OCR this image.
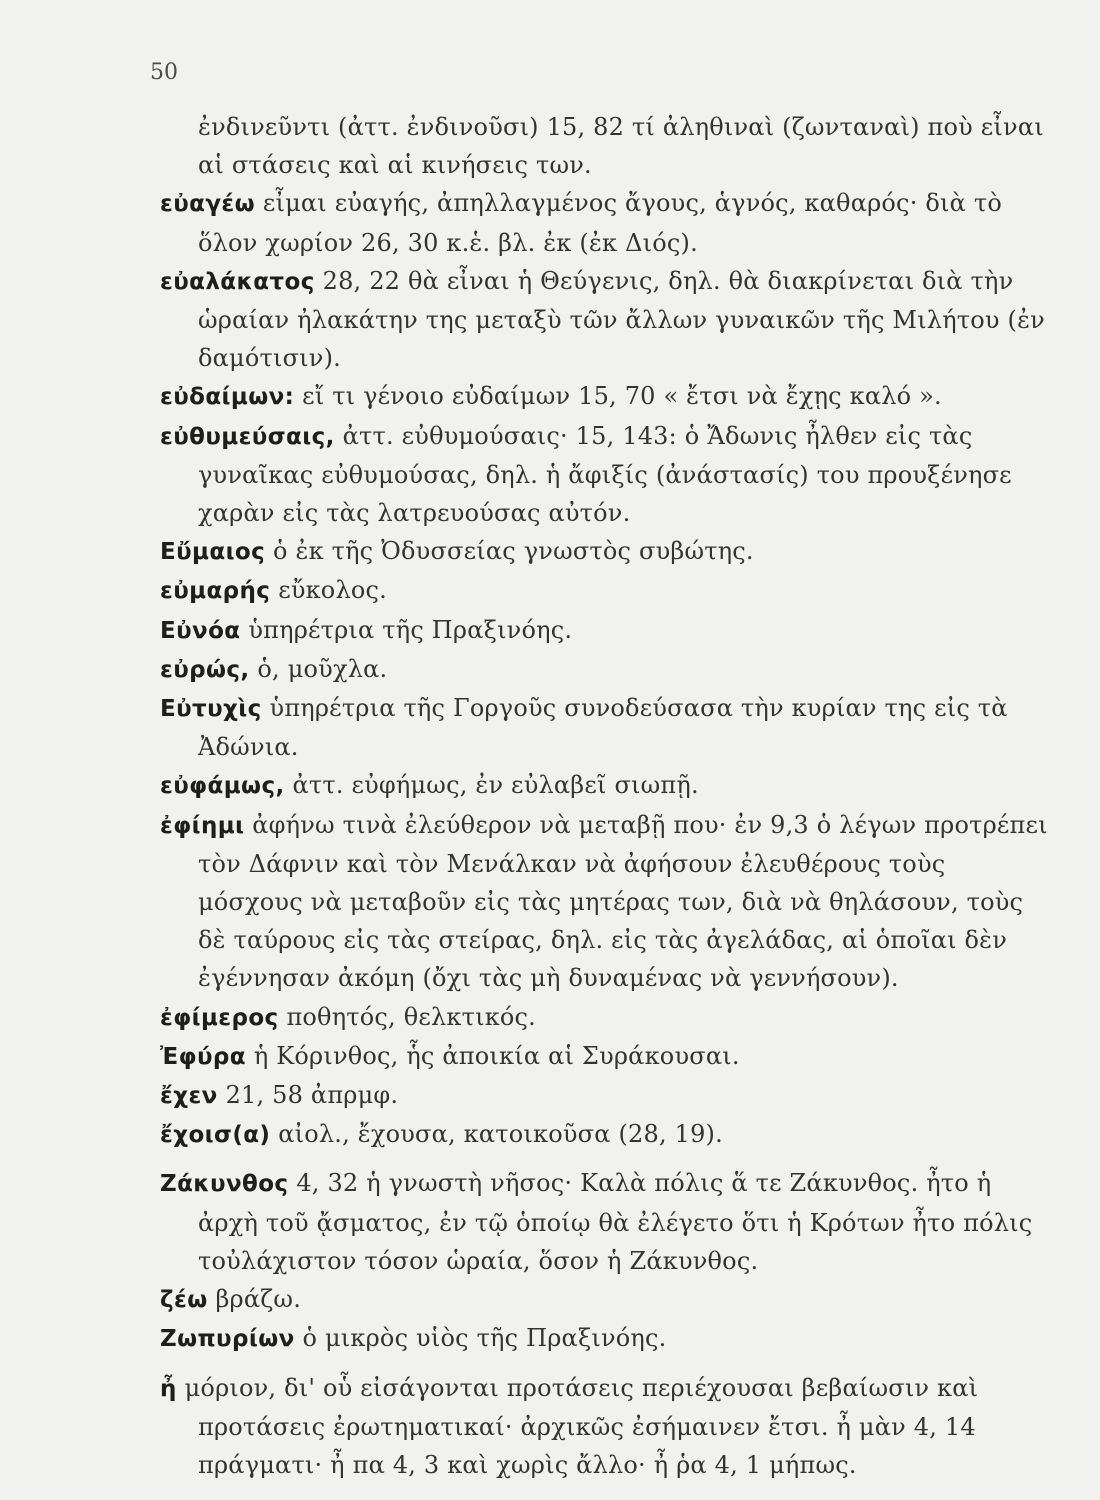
50

ἐνδινεῦντι (ἀττ. ἐνδινοῦσι) 15, 82 τί ἀληθιναὶ (ζωνταναὶ) ποὺ εἶναι αἱ στάσεις καὶ αἱ κινήσεις των.

εὐαγέω εἶμαι εὐαγής, ἀπηλλαγμένος ἄγους, ἁγνός, καθαρός· διὰ τὸ ὅλον χωρίον 26, 30 κ.ἑ. βλ. ἐκ (ἐκ Διός).

εὐαλάκατος 28, 22 θὰ εἶναι ἡ Θεύγενις, δηλ. θὰ διακρίνεται διὰ τὴν ὡραίαν ἠλακάτην της μεταξὺ τῶν ἄλλων γυναικῶν τῆς Μιλήτου (ἐν δαμότισιν).

εὐδαίμων: εἴ τι γένοιο εὐδαίμων 15, 70 « ἔτσι νὰ ἔχῃς καλό ».

εὐθυμεύσαις, ἀττ. εὐθυμούσαις· 15, 143: ὁ Ἄδωνις ἦλθεν εἰς τὰς γυναῖκας εὐθυμούσας, δηλ. ἡ ἄφιξίς (ἀνάστασίς) του προυξένησε χαρὰν εἰς τὰς λατρευούσας αὐτόν.

Εὔμαιος ὁ ἐκ τῆς Ὀδυσσείας γνωστὸς συβώτης.

εὐμαρής εὔκολος.

Εὐνόα ὑπηρέτρια τῆς Πραξινόης.

εὐρώς, ὁ, μοῦχλα.

Εὐτυχὶς ὑπηρέτρια τῆς Γοργοῦς συνοδεύσασα τὴν κυρίαν της εἰς τὰ Ἀδώνια.

εὐφάμως, ἀττ. εὐφήμως, ἐν εὐλαβεῖ σιωπῇ.

ἐφίημι ἀφήνω τινὰ ἐλεύθερον νὰ μεταβῇ που· ἐν 9,3 ὁ λέγων προτρέπει τὸν Δάφνιν καὶ τὸν Μενάλκαν νὰ ἀφήσουν ἐλευθέρους τοὺς μόσχους νὰ μεταβοῦν εἰς τὰς μητέρας των, διὰ νὰ θηλάσουν, τοὺς δὲ ταύρους εἰς τὰς στείρας, δηλ. εἰς τὰς ἀγελάδας, αἱ ὁποῖαι δὲν ἐγέννησαν ἀκόμη (ὄχι τὰς μὴ δυναμένας νὰ γεννήσουν).

ἐφίμερος ποθητός, θελκτικός.

Ἐφύρα ἡ Κόρινθος, ἧς ἀποικία αἱ Συράκουσαι.

ἔχεν 21, 58 ἀπρμφ.

ἔχοισ(α) αἰολ., ἔχουσα, κατοικοῦσα (28, 19).

Ζάκυνθος 4, 32 ἡ γνωστὴ νῆσος· Καλὰ πόλις ἅ τε Ζάκυνθος. ἦτο ἡ ἀρχὴ τοῦ ᾄσματος, ἐν τῷ ὁποίῳ θὰ ἐλέγετο ὅτι ἡ Κρότων ἦτο πόλις τοὐλάχιστον τόσον ὡραία, ὅσον ἡ Ζάκυνθος.

ζέω βράζω.

Ζωπυρίων ὁ μικρὸς υἱὸς τῆς Πραξινόης.

ἦ μόριον, δι' οὗ εἰσάγονται προτάσεις περιέχουσαι βεβαίωσιν καὶ προτάσεις ἐρωτηματικαί· ἀρχικῶς ἐσήμαινεν ἔτσι. ἦ μὰν 4, 14 πράγματι· ἦ πα 4, 3 καὶ χωρὶς ἄλλο· ἦ ῥα 4, 1 μήπως.
